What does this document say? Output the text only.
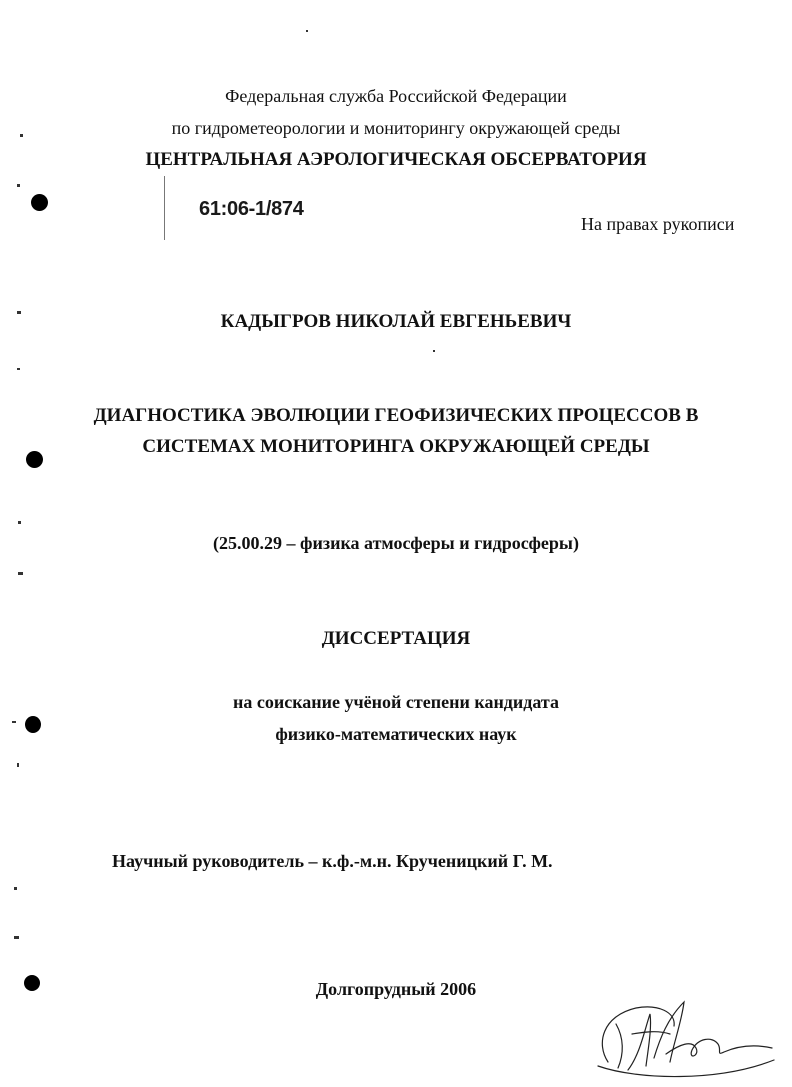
Федеральная служба Российской Федерации
по гидрометеорологии и мониторингу окружающей среды
ЦЕНТРАЛЬНАЯ АЭРОЛОГИЧЕСКАЯ ОБСЕРВАТОРИЯ
61:06-1/874
На правах рукописи
КАДЫГРОВ НИКОЛАЙ ЕВГЕНЬЕВИЧ
ДИАГНОСТИКА ЭВОЛЮЦИИ ГЕОФИЗИЧЕСКИХ ПРОЦЕССОВ В
СИСТЕМАХ МОНИТОРИНГА ОКРУЖАЮЩЕЙ СРЕДЫ
(25.00.29 – физика атмосферы и гидросферы)
ДИССЕРТАЦИЯ
на соискание учёной степени кандидата
физико-математических наук
Научный руководитель – к.ф.-м.н. Крученицкий Г. М.
Долгопрудный 2006
